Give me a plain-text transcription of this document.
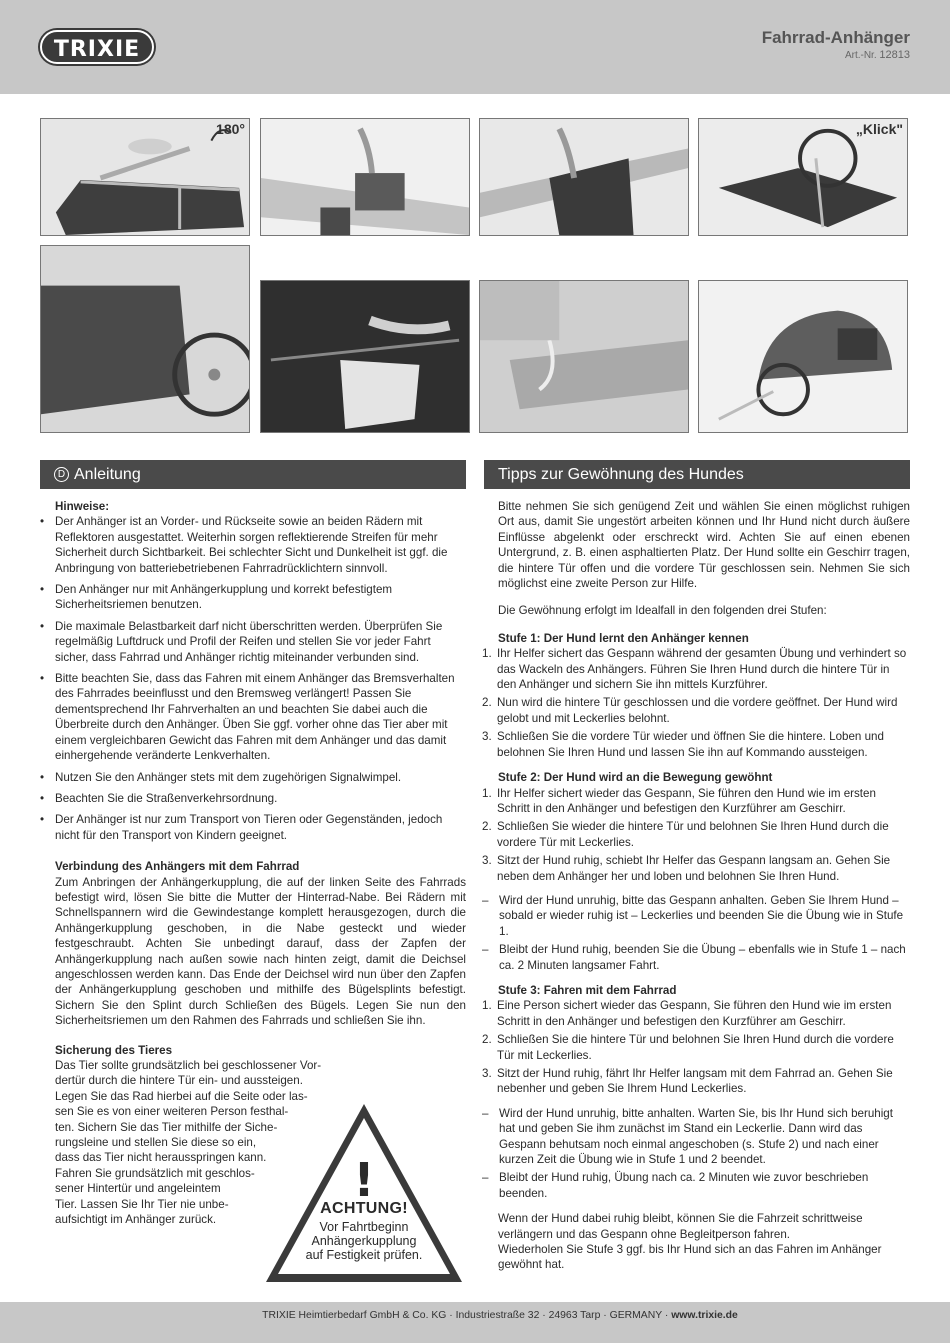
TRIXIE	Fahrrad-Anhänger
Art.-Nr. 12813
180°	„Klick"
D Anleitung	Tipps zur Gewöhnung des Hundes

Hinweise:

• Der Anhänger ist an Vorder- und Rückseite sowie an beiden Rädern mit Reflektoren ausgestattet. Weiterhin sorgen reflektierende Streifen für mehr Sicherheit durch Sichtbarkeit. Bei schlechter Sicht und Dunkelheit ist ggf. die Anbringung von batteriebetriebenen Fahrradrücklichtern sinnvoll.
• Den Anhänger nur mit Anhängerkupplung und korrekt befestigtem Sicherheitsriemen benutzen.
• Die maximale Belastbarkeit darf nicht überschritten werden. Überprüfen Sie regelmäßig Luftdruck und Profil der Reifen und stellen Sie vor jeder Fahrt sicher, dass Fahrrad und Anhänger richtig miteinander verbunden sind.
• Bitte beachten Sie, dass das Fahren mit einem Anhänger das Bremsverhalten des Fahrrades beeinflusst und den Bremsweg verlängert! Passen Sie dementsprechend Ihr Fahrverhalten an und beachten Sie dabei auch die Überbreite durch den Anhänger. Üben Sie ggf. vorher ohne das Tier aber mit einem vergleichbaren Gewicht das Fahren mit dem Anhänger und das damit einhergehende veränderte Lenkverhalten.
• Nutzen Sie den Anhänger stets mit dem zugehörigen Signalwimpel.
• Beachten Sie die Straßenverkehrsordnung.
• Der Anhänger ist nur zum Transport von Tieren oder Gegenständen, jedoch nicht für den Transport von Kindern geeignet.

Verbindung des Anhängers mit dem Fahrrad

Zum Anbringen der Anhängerkupplung, die auf der linken Seite des Fahrrads befestigt wird, lösen Sie bitte die Mutter der Hinterrad-Nabe. Bei Rädern mit Schnellspannern wird die Gewindestange komplett herausgezogen, durch die Anhängerkupplung geschoben, in die Nabe gesteckt und wieder festgeschraubt. Achten Sie unbedingt darauf, dass der Zapfen der Anhängerkupplung nach außen sowie nach hinten zeigt, damit die Deichsel angeschlossen werden kann. Das Ende der Deichsel wird nun über den Zapfen der Anhängerkupplung geschoben und mithilfe des Bügelsplints befestigt. Sichern Sie den Splint durch Schließen des Bügels. Legen Sie nun den Sicherheitsriemen um den Rahmen des Fahrrads und schließen Sie ihn.

Sicherung des Tieres

Das Tier sollte grundsätzlich bei geschlossener Vor-
dertür durch die hintere Tür ein- und aussteigen.
Legen Sie das Rad hierbei auf die Seite oder las-
sen Sie es von einer weiteren Person festhal-
ten. Sichern Sie das Tier mithilfe der Siche-
rungsleine und stellen Sie diese so ein,
dass das Tier nicht herausspringen kann.
Fahren Sie grundsätzlich mit geschlos-
sener Hintertür und angeleintem
Tier. Lassen Sie Ihr Tier nie unbe-
aufsichtigt im Anhänger zurück.
!
ACHTUNG!
Vor Fahrtbeginn
Anhängerkupplung
auf Festigkeit prüfen.

Bitte nehmen Sie sich genügend Zeit und wählen Sie einen möglichst ruhigen Ort aus, damit Sie ungestört arbeiten können und Ihr Hund nicht durch äußere Einflüsse abgelenkt oder erschreckt wird. Achten Sie auf einen ebenen Untergrund, z. B. einen asphaltierten Platz. Der Hund sollte ein Geschirr tragen, die hintere Tür offen und die vordere Tür geschlossen sein. Nehmen Sie sich möglichst eine zweite Person zur Hilfe.

Die Gewöhnung erfolgt im Idealfall in den folgenden drei Stufen:

Stufe 1: Der Hund lernt den Anhänger kennen

1. Ihr Helfer sichert das Gespann während der gesamten Übung und verhindert so das Wackeln des Anhängers. Führen Sie Ihren Hund durch die hintere Tür in den Anhänger und sichern Sie ihn mittels Kurzführer.
2. Nun wird die hintere Tür geschlossen und die vordere geöffnet. Der Hund wird gelobt und mit Leckerlies belohnt.
3. Schließen Sie die vordere Tür wieder und öffnen Sie die hintere. Loben und belohnen Sie Ihren Hund und lassen Sie ihn auf Kommando aussteigen.

Stufe 2: Der Hund wird an die Bewegung gewöhnt

1. Ihr Helfer sichert wieder das Gespann, Sie führen den Hund wie im ersten Schritt in den Anhänger und befestigen den Kurzführer am Geschirr.
2. Schließen Sie wieder die hintere Tür und belohnen Sie Ihren Hund durch die vordere Tür mit Leckerlies.
3. Sitzt der Hund ruhig, schiebt Ihr Helfer das Gespann langsam an. Gehen Sie neben dem Anhänger her und loben und belohnen Sie Ihren Hund.
– Wird der Hund unruhig, bitte das Gespann anhalten. Geben Sie Ihrem Hund – sobald er wieder ruhig ist – Leckerlies und beenden Sie die Übung wie in Stufe 1.
– Bleibt der Hund ruhig, beenden Sie die Übung – ebenfalls wie in Stufe 1 – nach ca. 2 Minuten langsamer Fahrt.

Stufe 3: Fahren mit dem Fahrrad

1. Eine Person sichert wieder das Gespann, Sie führen den Hund wie im ersten Schritt in den Anhänger und befestigen den Kurzführer am Geschirr.
2. Schließen Sie die hintere Tür und belohnen Sie Ihren Hund durch die vordere Tür mit Leckerlies.
3. Sitzt der Hund ruhig, fährt Ihr Helfer langsam mit dem Fahrrad an. Gehen Sie nebenher und geben Sie Ihrem Hund Leckerlies.
– Wird der Hund unruhig, bitte anhalten. Warten Sie, bis Ihr Hund sich beruhigt hat und geben Sie ihm zunächst im Stand ein Leckerlie. Dann wird das Gespann behutsam noch einmal angeschoben (s. Stufe 2) und nach einer kurzen Zeit die Übung wie in Stufe 1 und 2 beendet.
– Bleibt der Hund ruhig, Übung nach ca. 2 Minuten wie zuvor beschrieben beenden.

Wenn der Hund dabei ruhig bleibt, können Sie die Fahrzeit schrittweise verlängern und das Gespann ohne Begleitperson fahren.

Wiederholen Sie Stufe 3 ggf. bis Ihr Hund sich an das Fahren im Anhänger gewöhnt hat.

TRIXIE Heimtierbedarf GmbH & Co. KG · Industriestraße 32 · 24963 Tarp · GERMANY · www.trixie.de
